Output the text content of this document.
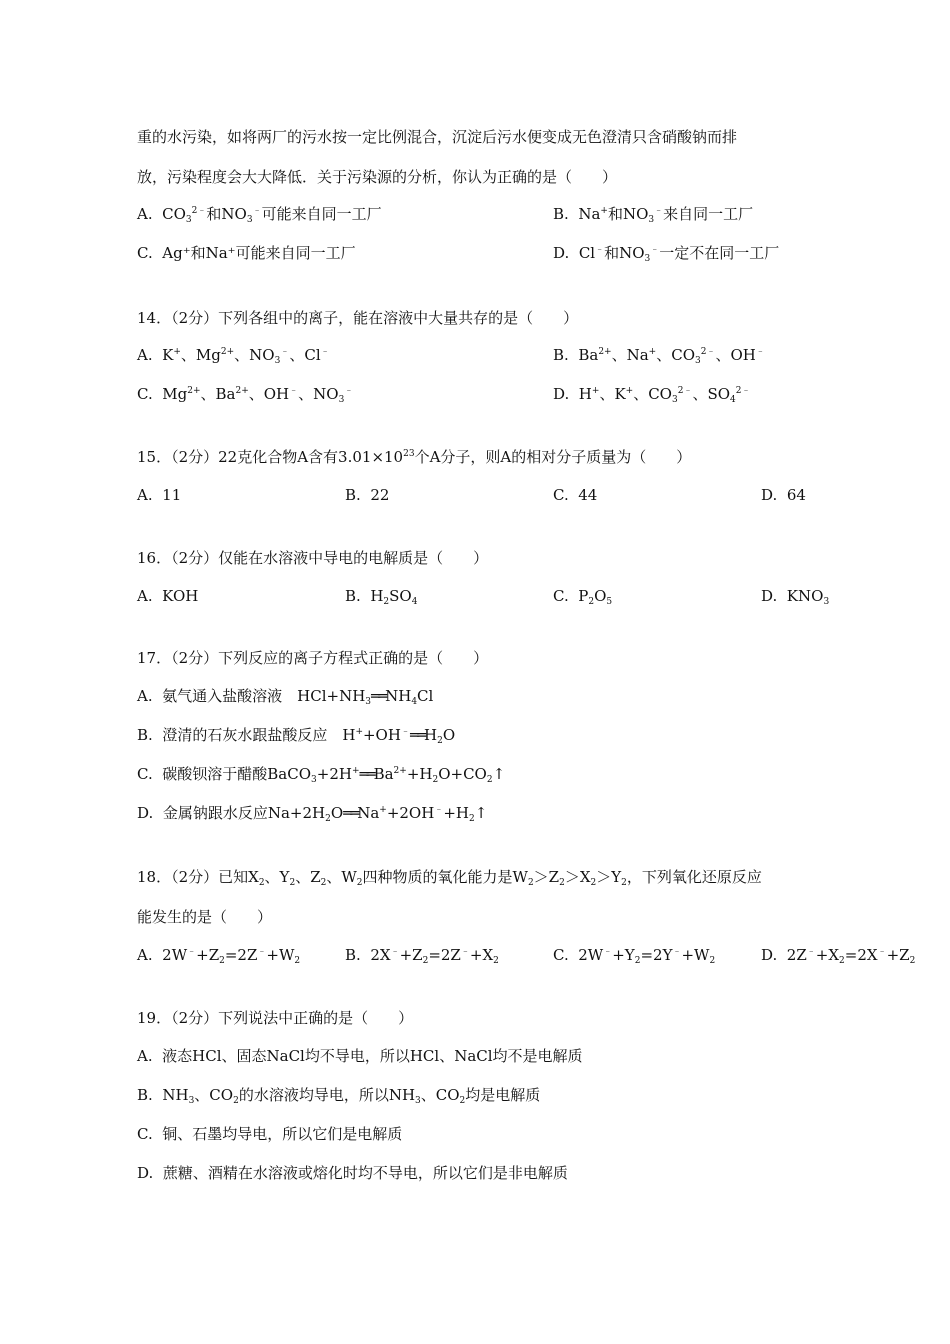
重的水污染，如将两厂的污水按一定比例混合，沉淀后污水便变成无色澄清只含硝酸钠而排
放，污染程度会大大降低．关于污染源的分析，你认为正确的是（　　）
A.  $CO_3^{2﹣}$和$NO_3^﹣$可能来自同一工厂	B. Na+和$NO_3^﹣$来自同一工厂
C. Ag⁺和Na⁺可能来自同一工厂	D. Cl﹣和$NO_3^﹣$一定不在同一工厂
14．（2分）下列各组中的离子，能在溶液中大量共存的是（　　）
A.  K+、$Mg^{2+}$、$NO_3^﹣$、Cl﹣	B.  $Ba^{2+}$、Na+、$CO_3^{2﹣}$、OH﹣
C.  $Mg^{2+}$、$Ba^{2+}$、OH﹣、$NO_3^﹣$	D.  H+、K+、$CO_3^{2﹣}$、$SO_4^{2﹣}$
15．（2分）22克化合物A含有$3.01\times 10^{23}$个A分子，则A的相对分子质量为（　　）
A. 11	B. 22	C. 44	D. 64
16．（2分）仅能在水溶液中导电的电解质是（　　）
A. KOH	B.  $H_2SO_4$	C.  $P_2O_5$	D.  $KNO_3$
17．（2分）下列反应的离子方程式正确的是（　　）
A. 氨气通入盐酸溶液　$HCl+NH_3══NH_4Cl$
B. 澄清的石灰水跟盐酸反应　$H^++OH^﹣══H_2O$
C. 碳酸钡溶于醋酸$BaCO_3+2H^+══Ba^{2+}+H_2O+CO_2↑$
D. 金属钠跟水反应$Na+2H_2O══Na^++2OH^﹣+H_2↑$
18．（2分）已知$X_2$、$Y_2$、$Z_2$、$W_2$四种物质的氧化能力是$W_2>Z_2>X_2>Y_2$，下列氧化还原反应
能发生的是（　　）
A.  $2W^﹣+Z_2=2Z^﹣+W_2$	B.  $2X^﹣+Z_2=2Z^﹣+X_2$	C.  $2W^﹣+Y_2=2Y^﹣+W_2$	D.  $2Z^﹣+X_2=2X^﹣+Z_2$
19．（2分）下列说法中正确的是（　　）
A. 液态HCl、固态NaCl均不导电，所以HCl、NaCl均不是电解质
B. $NH_3$、$CO_2$的水溶液均导电，所以$NH_3$、$CO_2$均是电解质
C. 铜、石墨均导电，所以它们是电解质
D. 蔗糖、酒精在水溶液或熔化时均不导电，所以它们是非电解质
